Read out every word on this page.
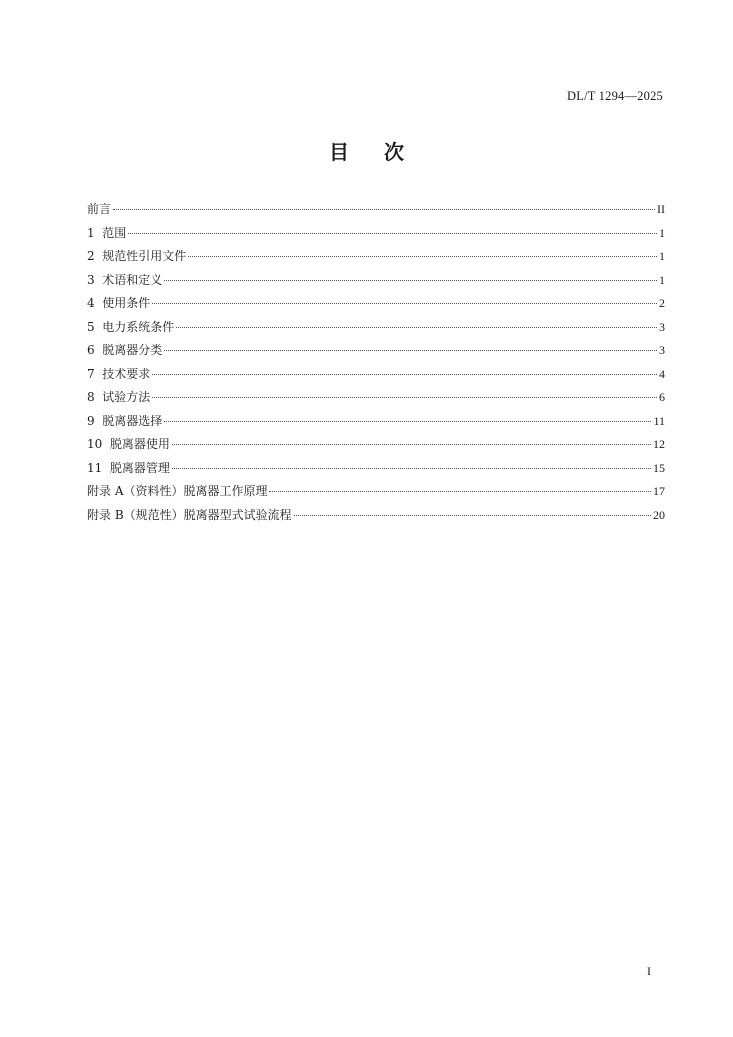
DL/T 1294—2025
目 次
前言	II
1  范围	1
2  规范性引用文件	1
3  术语和定义	1
4  使用条件	2
5  电力系统条件	3
6  脱离器分类	3
7  技术要求	4
8  试验方法	6
9  脱离器选择	11
10  脱离器使用	12
11  脱离器管理	15
附录 A（资料性）脱离器工作原理	17
附录 B（规范性）脱离器型式试验流程	20
I
